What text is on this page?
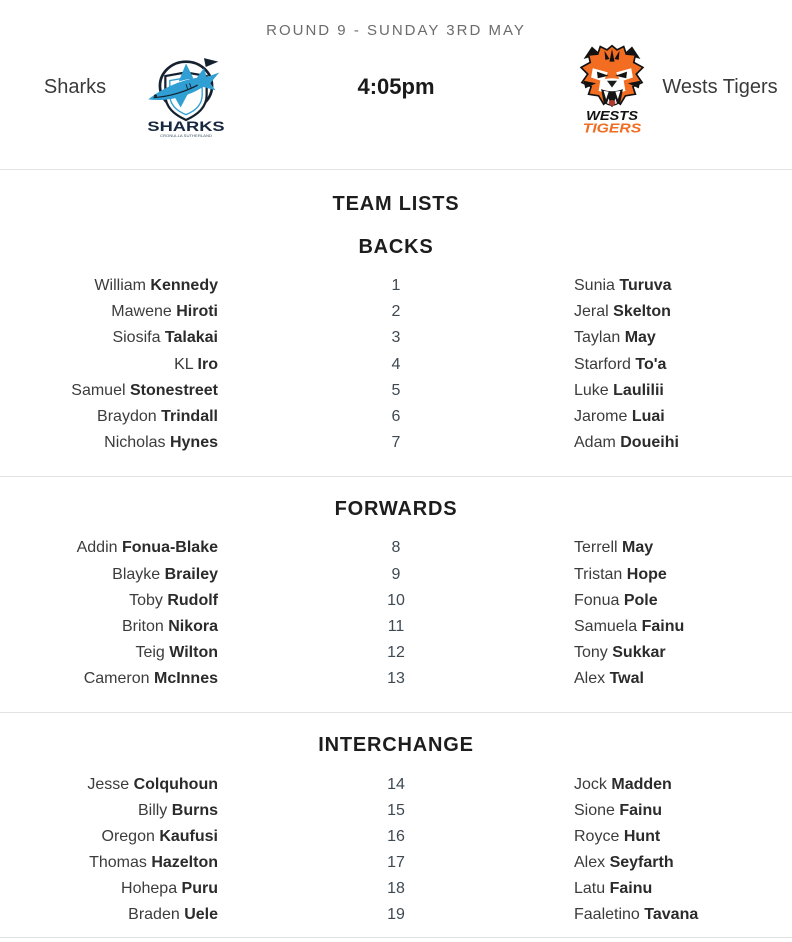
ROUND 9 - SUNDAY 3RD MAY
Sharks
SHARKS
CRONULLA SUTHERLAND
4:05pm
WESTS
TIGERS
Wests Tigers
TEAM LISTS
BACKS
William Kennedy	1	Sunia Turuva
Mawene Hiroti	2	Jeral Skelton
Siosifa Talakai	3	Taylan May
KL Iro	4	Starford To'a
Samuel Stonestreet	5	Luke Laulilii
Braydon Trindall	6	Jarome Luai
Nicholas Hynes	7	Adam Doueihi
FORWARDS
Addin Fonua-Blake	8	Terrell May
Blayke Brailey	9	Tristan Hope
Toby Rudolf	10	Fonua Pole
Briton Nikora	11	Samuela Fainu
Teig Wilton	12	Tony Sukkar
Cameron McInnes	13	Alex Twal
INTERCHANGE
Jesse Colquhoun	14	Jock Madden
Billy Burns	15	Sione Fainu
Oregon Kaufusi	16	Royce Hunt
Thomas Hazelton	17	Alex Seyfarth
Hohepa Puru	18	Latu Fainu
Braden Uele	19	Faaletino Tavana
